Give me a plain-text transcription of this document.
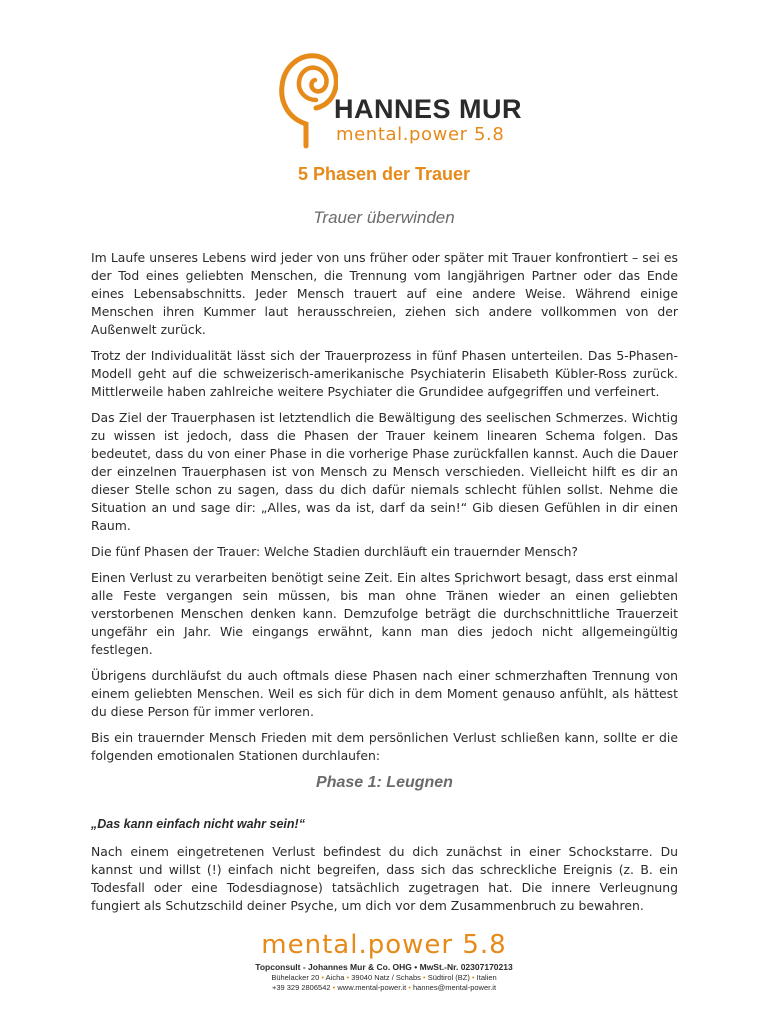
HANNES MUR
mental.power 5.8
5 Phasen der Trauer
Trauer überwinden

Im Laufe unseres Lebens wird jeder von uns früher oder später mit Trauer konfrontiert – sei es der Tod eines geliebten Menschen, die Trennung vom langjährigen Partner oder das Ende eines Lebensabschnitts. Jeder Mensch trauert auf eine andere Weise. Während einige Menschen ihren Kummer laut herausschreien, ziehen sich andere vollkommen von der Außenwelt zurück.

Trotz der Individualität lässt sich der Trauerprozess in fünf Phasen unterteilen. Das 5-Phasen-Modell geht auf die schweizerisch-amerikanische Psychiaterin Elisabeth Kübler-Ross zurück. Mittlerweile haben zahlreiche weitere Psychiater die Grundidee aufgegriffen und verfeinert.

Das Ziel der Trauerphasen ist letztendlich die Bewältigung des seelischen Schmerzes. Wichtig zu wissen ist jedoch, dass die Phasen der Trauer keinem linearen Schema folgen. Das bedeutet, dass du von einer Phase in die vorherige Phase zurückfallen kannst. Auch die Dauer der einzelnen Trauerphasen ist von Mensch zu Mensch verschieden. Vielleicht hilft es dir an dieser Stelle schon zu sagen, dass du dich dafür niemals schlecht fühlen sollst. Nehme die Situation an und sage dir: „Alles, was da ist, darf da sein!“ Gib diesen Gefühlen in dir einen Raum.

Die fünf Phasen der Trauer: Welche Stadien durchläuft ein trauernder Mensch?

Einen Verlust zu verarbeiten benötigt seine Zeit. Ein altes Sprichwort besagt, dass erst einmal alle Feste vergangen sein müssen, bis man ohne Tränen wieder an einen geliebten verstorbenen Menschen denken kann. Demzufolge beträgt die durchschnittliche Trauerzeit ungefähr ein Jahr. Wie eingangs erwähnt, kann man dies jedoch nicht allgemeingültig festlegen.

Übrigens durchläufst du auch oftmals diese Phasen nach einer schmerzhaften Trennung von einem geliebten Menschen. Weil es sich für dich in dem Moment genauso anfühlt, als hättest du diese Person für immer verloren.

Bis ein trauernder Mensch Frieden mit dem persönlichen Verlust schließen kann, sollte er die folgenden emotionalen Stationen durchlaufen:

Phase 1: Leugnen
„Das kann einfach nicht wahr sein!“

Nach einem eingetretenen Verlust befindest du dich zunächst in einer Schockstarre. Du kannst und willst (!) einfach nicht begreifen, dass sich das schreckliche Ereignis (z. B. ein Todesfall oder eine Todesdiagnose) tatsächlich zugetragen hat. Die innere Verleugnung fungiert als Schutzschild deiner Psyche, um dich vor dem Zusammenbruch zu bewahren.

mental.power 5.8
Topconsult - Johannes Mur & Co. OHG • MwSt.-Nr. 02307170213
Bühelacker 20 • Aicha • 39040 Natz / Schabs • Südtirol (BZ) • Italien
+39 329 2806542 • www.mental-power.it • hannes@mental-power.it
